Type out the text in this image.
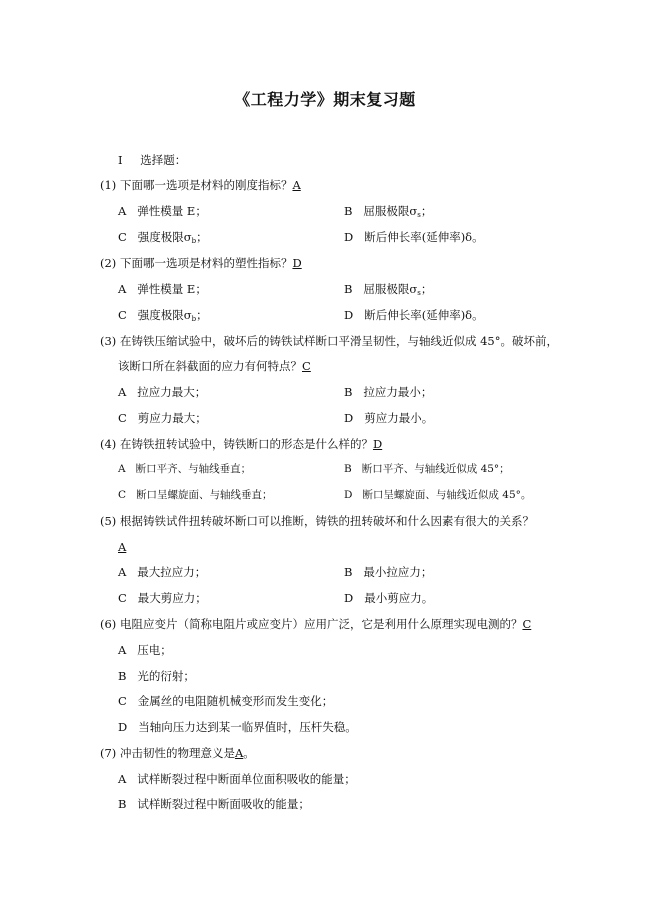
《工程力学》期末复习题
I 选择题：
(1) 下面哪一选项是材料的刚度指标？A
A 弹性模量 E；	B 屈服极限$\sigma_s$；
C 强度极限$\sigma_b$；	D 断后伸长率(延伸率)δ。
(2) 下面哪一选项是材料的塑性指标？D
A 弹性模量 E；	B 屈服极限$\sigma_s$；
C 强度极限$\sigma_b$；	D 断后伸长率(延伸率)δ。
(3) 在铸铁压缩试验中，破坏后的铸铁试样断口平滑呈韧性，与轴线近似成 45°。破坏前，
该断口所在斜截面的应力有何特点？C
A 拉应力最大；	B 拉应力最小；
C 剪应力最大；	D 剪应力最小。
(4) 在铸铁扭转试验中，铸铁断口的形态是什么样的？D
A 断口平齐、与轴线垂直；	B 断口平齐、与轴线近似成 45°；
C 断口呈螺旋面、与轴线垂直；	D 断口呈螺旋面、与轴线近似成 45°。
(5) 根据铸铁试件扭转破坏断口可以推断，铸铁的扭转破坏和什么因素有很大的关系？
A
A 最大拉应力；	B 最小拉应力；
C 最大剪应力；	D 最小剪应力。
(6) 电阻应变片（简称电阻片或应变片）应用广泛，它是利用什么原理实现电测的？C
A 压电；
B 光的衍射；
C 金属丝的电阻随机械变形而发生变化；
D 当轴向压力达到某一临界值时，压杆失稳。
(7) 冲击韧性的物理意义是A。
A 试样断裂过程中断面单位面积吸收的能量；
B 试样断裂过程中断面吸收的能量；
